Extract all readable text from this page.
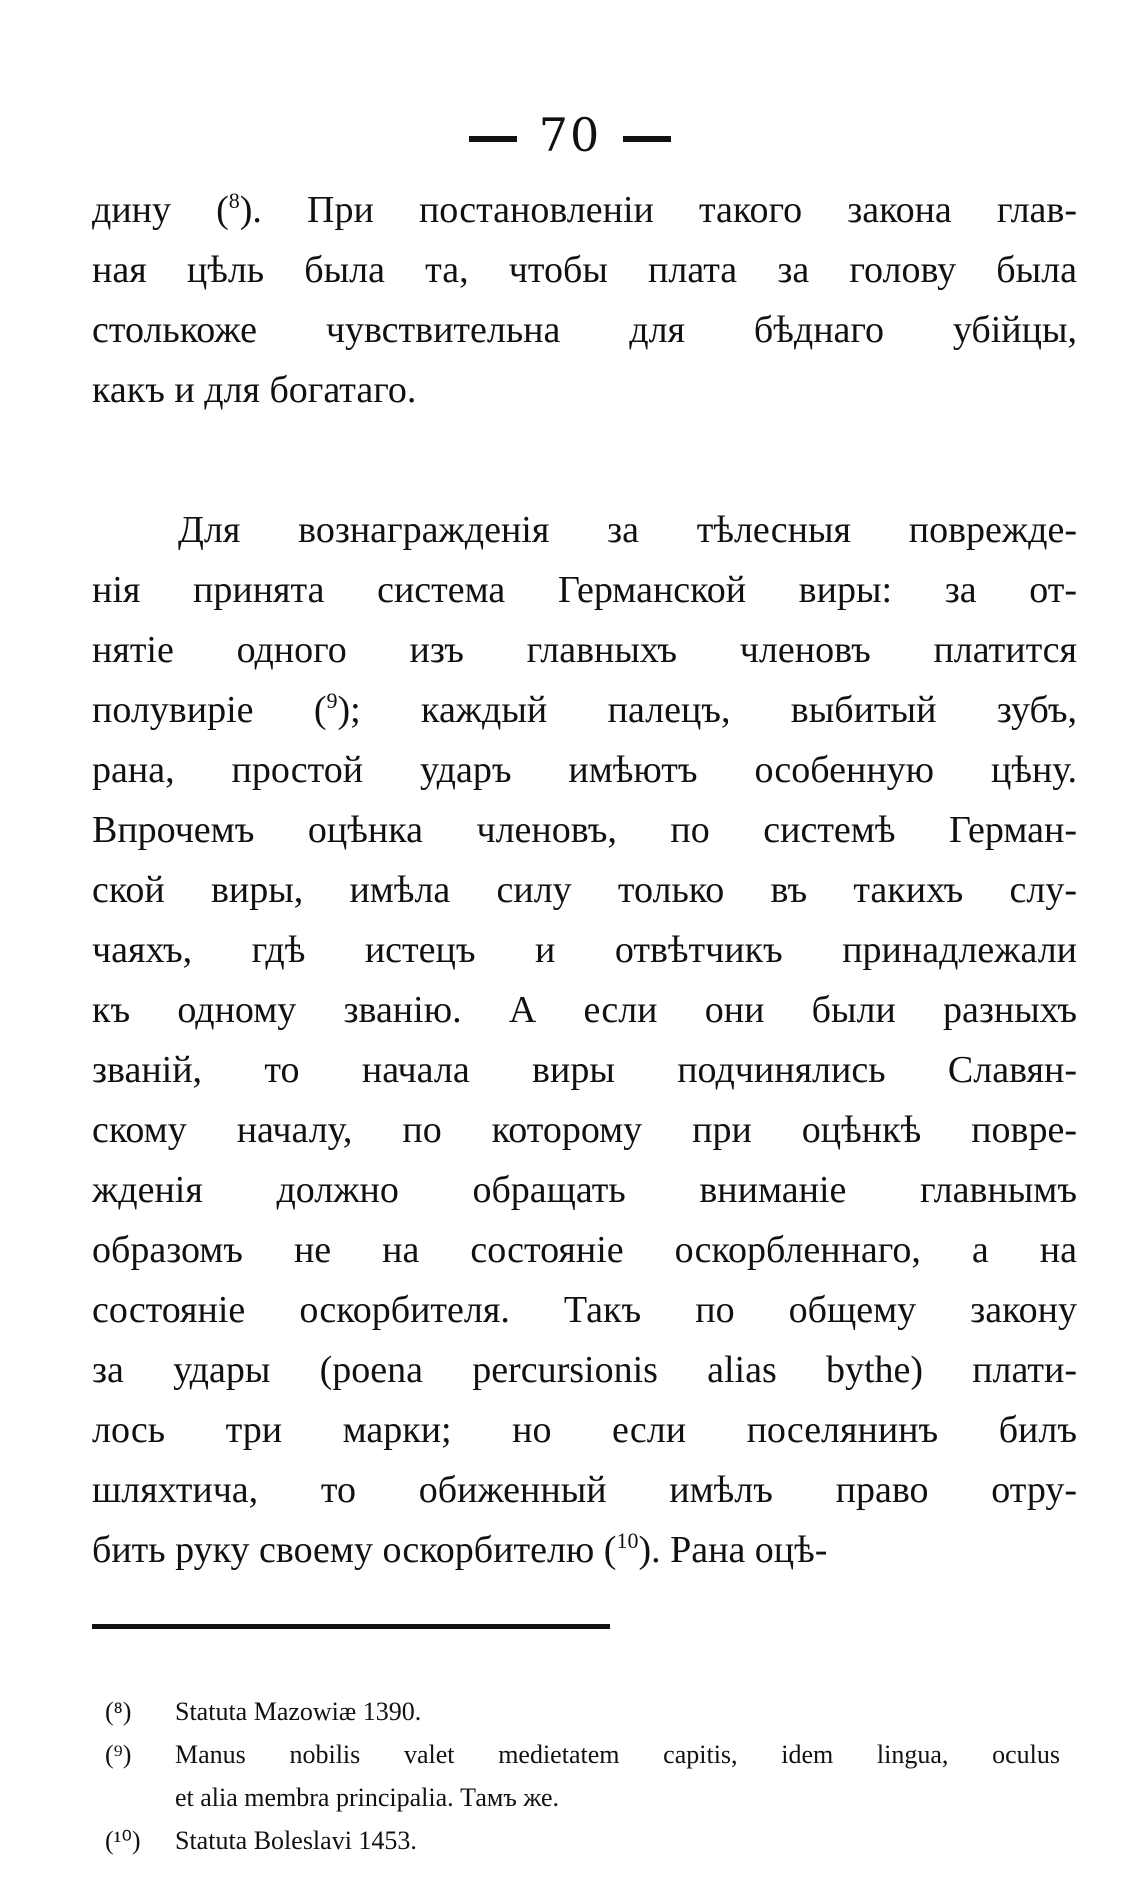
70
дину ($^8$). При постановленіи такого закона глав-
ная цѣль была та, чтобы плата за голову была
столькоже чувствительна для бѣднаго убійцы,
какъ и для богатаго.
Для вознагражденія за тѣлесныя поврежде-
нія принята система Германской виры: за от-
нятіе одного изъ главныхъ членовъ платится
полувиріе ($^9$); каждый палецъ, выбитый зубъ,
рана, простой ударъ имѣютъ особенную цѣну.
Впрочемъ оцѣнка членовъ, по системѣ Герман-
ской виры, имѣла силу только въ такихъ слу-
чаяхъ, гдѣ истецъ и отвѣтчикъ принадлежали
къ одному званію. А если они были разныхъ
званій, то начала виры подчинялись Славян-
скому началу, по которому при оцѣнкѣ повре-
жденія должно обращать вниманіе главнымъ
образомъ не на состояніе оскорбленнаго, а на
состояніе оскорбителя. Такъ по общему закону
за удары (poena percursionis alias bythe) плати-
лось три марки; но если поселянинъ билъ
шляхтича, то обиженный имѣлъ право отру-
бить руку своему оскорбителю ($^{10}$). Рана оцѣ-
(⁸)	Statuta Mazowiæ 1390.
(⁹)	Manus nobilis valet medietatem capitis, idem lingua, oculus
et alia membra principalia. Тамъ же.
(¹⁰)	Statuta Boleslavi 1453.
